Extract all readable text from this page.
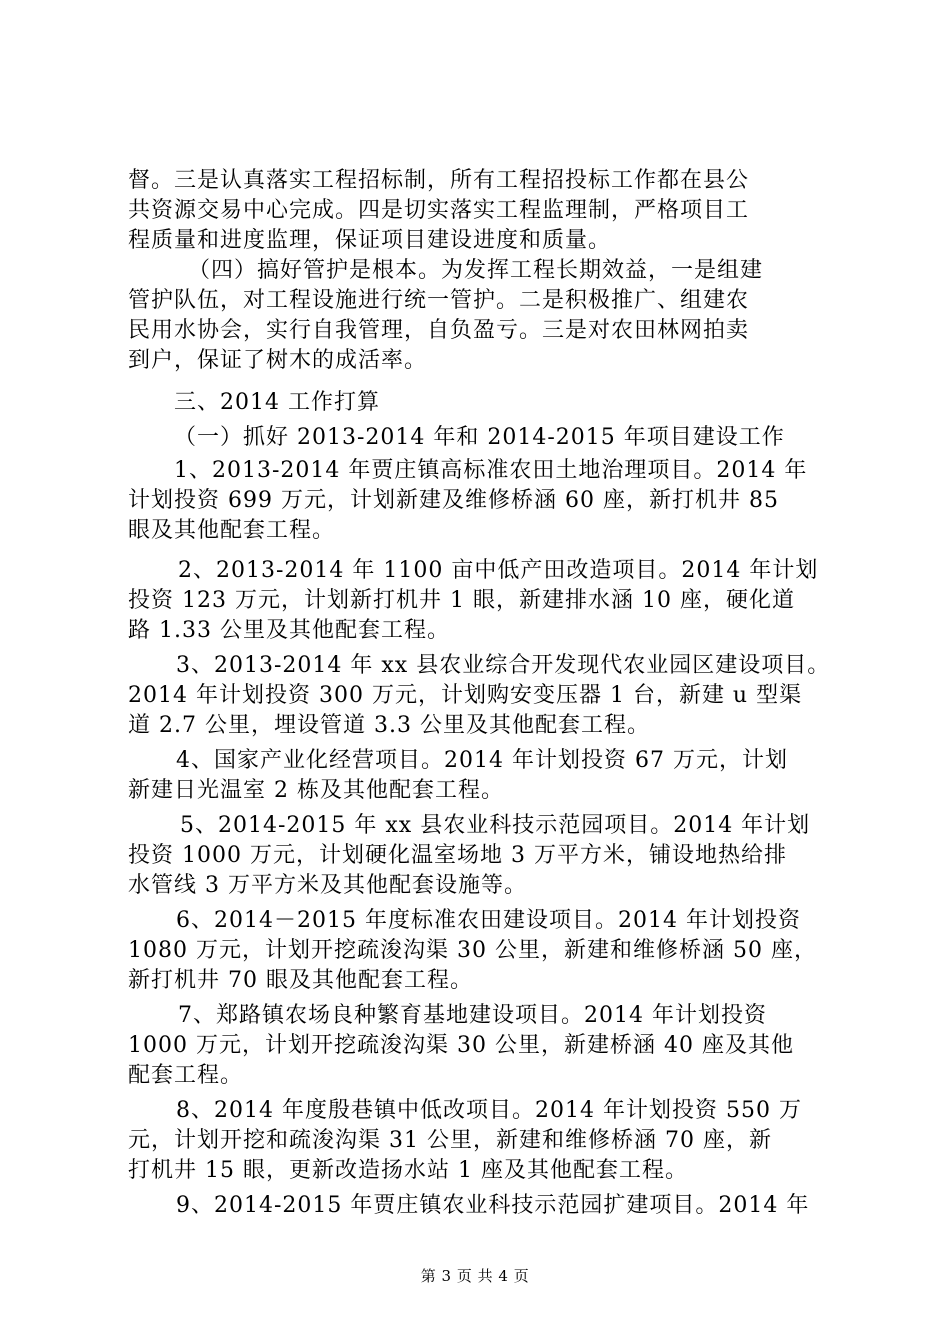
督。三是认真落实工程招标制，所有工程招投标工作都在县公
共资源交易中心完成。四是切实落实工程监理制，严格项目工
程质量和进度监理，保证项目建设进度和质量。
（四）搞好管护是根本。为发挥工程长期效益，一是组建
管护队伍，对工程设施进行统一管护。二是积极推广、组建农
民用水协会，实行自我管理，自负盈亏。三是对农田林网拍卖
到户，保证了树木的成活率。
三、2014 工作打算
（一）抓好 2013-2014 年和 2014-2015 年项目建设工作
1、2013-2014 年贾庄镇高标准农田土地治理项目。2014 年
计划投资 699 万元，计划新建及维修桥涵 60 座，新打机井 85
眼及其他配套工程。
2、2013-2014 年 1100 亩中低产田改造项目。2014 年计划
投资 123 万元，计划新打机井 1 眼，新建排水涵 10 座，硬化道
路 1.33 公里及其他配套工程。
3、2013-2014 年 xx 县农业综合开发现代农业园区建设项目。
2014 年计划投资 300 万元，计划购安变压器 1 台，新建 u 型渠
道 2.7 公里，埋设管道 3.3 公里及其他配套工程。
4、国家产业化经营项目。2014 年计划投资 67 万元，计划
新建日光温室 2 栋及其他配套工程。
5、2014-2015 年 xx 县农业科技示范园项目。2014 年计划
投资 1000 万元，计划硬化温室场地 3 万平方米，铺设地热给排
水管线 3 万平方米及其他配套设施等。
6、2014－2015 年度标准农田建设项目。2014 年计划投资
1080 万元，计划开挖疏浚沟渠 30 公里，新建和维修桥涵 50 座，
新打机井 70 眼及其他配套工程。
7、郑路镇农场良种繁育基地建设项目。2014 年计划投资
1000 万元，计划开挖疏浚沟渠 30 公里，新建桥涵 40 座及其他
配套工程。
8、2014 年度殷巷镇中低改项目。2014 年计划投资 550 万
元，计划开挖和疏浚沟渠 31 公里，新建和维修桥涵 70 座，新
打机井 15 眼，更新改造扬水站 1 座及其他配套工程。
9、2014-2015 年贾庄镇农业科技示范园扩建项目。2014 年
第 3 页 共 4 页
